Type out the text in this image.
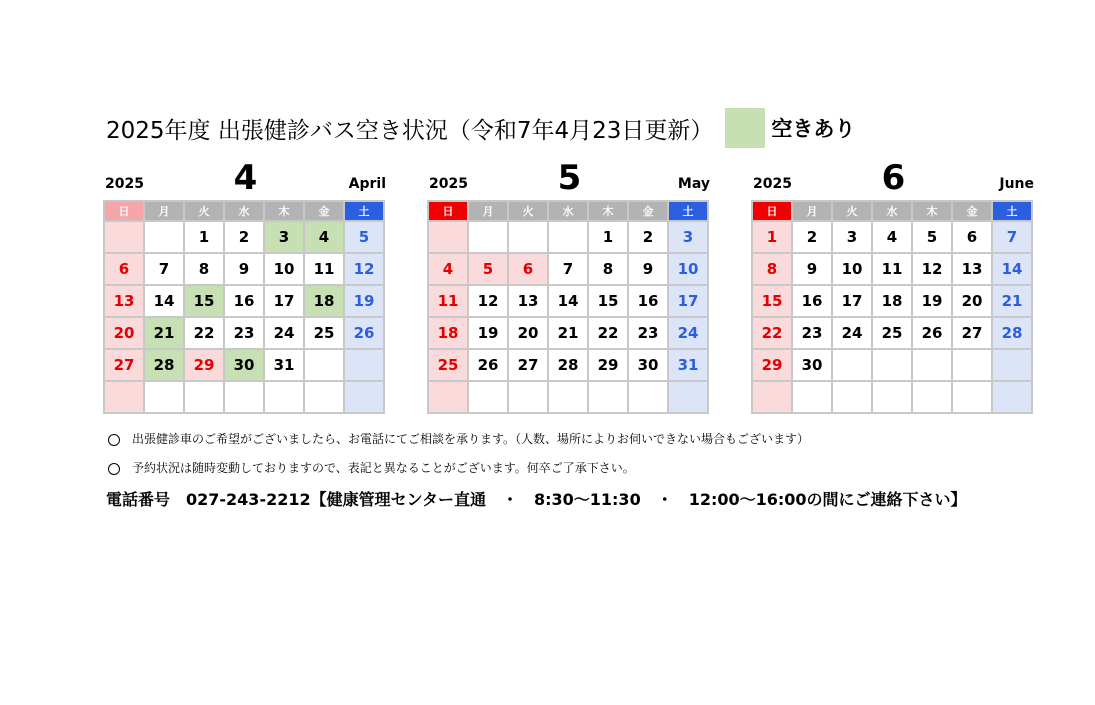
2025年度 出張健診バス空き状況（令和7年4月23日更新）	空きあり
2025	4	April
日	月	火	水	木	金	土
		1	2	3	4	5
6	7	8	9	10	11	12
13	14	15	16	17	18	19
20	21	22	23	24	25	26
27	28	29	30	31		

2025	5	May
日	月	火	水	木	金	土
				1	2	3
4	5	6	7	8	9	10
11	12	13	14	15	16	17
18	19	20	21	22	23	24
25	26	27	28	29	30	31

2025	6	June
日	月	火	水	木	金	土
1	2	3	4	5	6	7
8	9	10	11	12	13	14
15	16	17	18	19	20	21
22	23	24	25	26	27	28
29	30					

出張健診車のご希望がございましたら、お電話にてご相談を承ります。（人数、場所によりお伺いできない場合もございます）
予約状況は随時変動しておりますので、表記と異なることがございます。何卒ご了承下さい。
電話番号　027-243-2212【健康管理センター直通　・　8:30〜11:30　・　12:00〜16:00の間にご連絡下さい】
